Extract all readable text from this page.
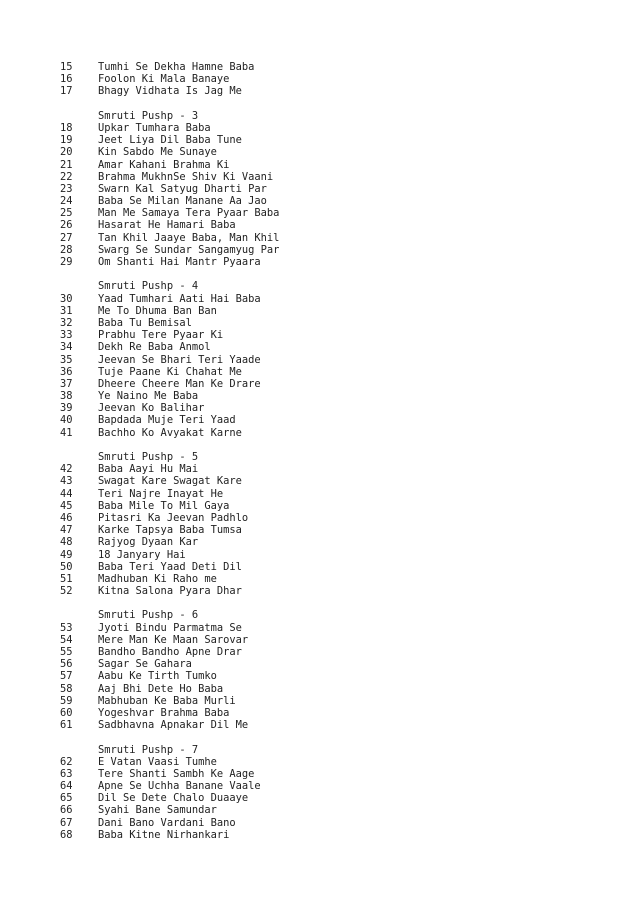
15	Tumhi Se Dekha Hamne Baba
16	Foolon Ki Mala Banaye
17	Bhagy Vidhata Is Jag Me
Smruti Pushp - 3
18	Upkar Tumhara Baba
19	Jeet Liya Dil Baba Tune
20	Kin Sabdo Me Sunaye
21	Amar Kahani Brahma Ki
22	Brahma MukhnSe Shiv Ki Vaani
23	Swarn Kal Satyug Dharti Par
24	Baba Se Milan Manane Aa Jao
25	Man Me Samaya Tera Pyaar Baba
26	Hasarat He Hamari Baba
27	Tan Khil Jaaye Baba, Man Khil
28	Swarg Se Sundar Sangamyug Par
29	Om Shanti Hai Mantr Pyaara
Smruti Pushp - 4
30	Yaad Tumhari Aati Hai Baba
31	Me To Dhuma Ban Ban
32	Baba Tu Bemisal
33	Prabhu Tere Pyaar Ki
34	Dekh Re Baba Anmol
35	Jeevan Se Bhari Teri Yaade
36	Tuje Paane Ki Chahat Me
37	Dheere Cheere Man Ke Drare
38	Ye Naino Me Baba
39	Jeevan Ko Balihar
40	Bapdada Muje Teri Yaad
41	Bachho Ko Avyakat Karne
Smruti Pushp - 5
42	Baba Aayi Hu Mai
43	Swagat Kare Swagat Kare
44	Teri Najre Inayat He
45	Baba Mile To Mil Gaya
46	Pitasri Ka Jeevan Padhlo
47	Karke Tapsya Baba Tumsa
48	Rajyog Dyaan Kar
49	18 Janyary Hai
50	Baba Teri Yaad Deti Dil
51	Madhuban Ki Raho me
52	Kitna Salona Pyara Dhar
Smruti Pushp - 6
53	Jyoti Bindu Parmatma Se
54	Mere Man Ke Maan Sarovar
55	Bandho Bandho Apne Drar
56	Sagar Se Gahara
57	Aabu Ke Tirth Tumko
58	Aaj Bhi Dete Ho Baba
59	Mabhuban Ke Baba Murli
60	Yogeshvar Brahma Baba
61	Sadbhavna Apnakar Dil Me
Smruti Pushp - 7
62	E Vatan Vaasi Tumhe
63	Tere Shanti Sambh Ke Aage
64	Apne Se Uchha Banane Vaale
65	Dil Se Dete Chalo Duaaye
66	Syahi Bane Samundar
67	Dani Bano Vardani Bano
68	Baba Kitne Nirhankari
